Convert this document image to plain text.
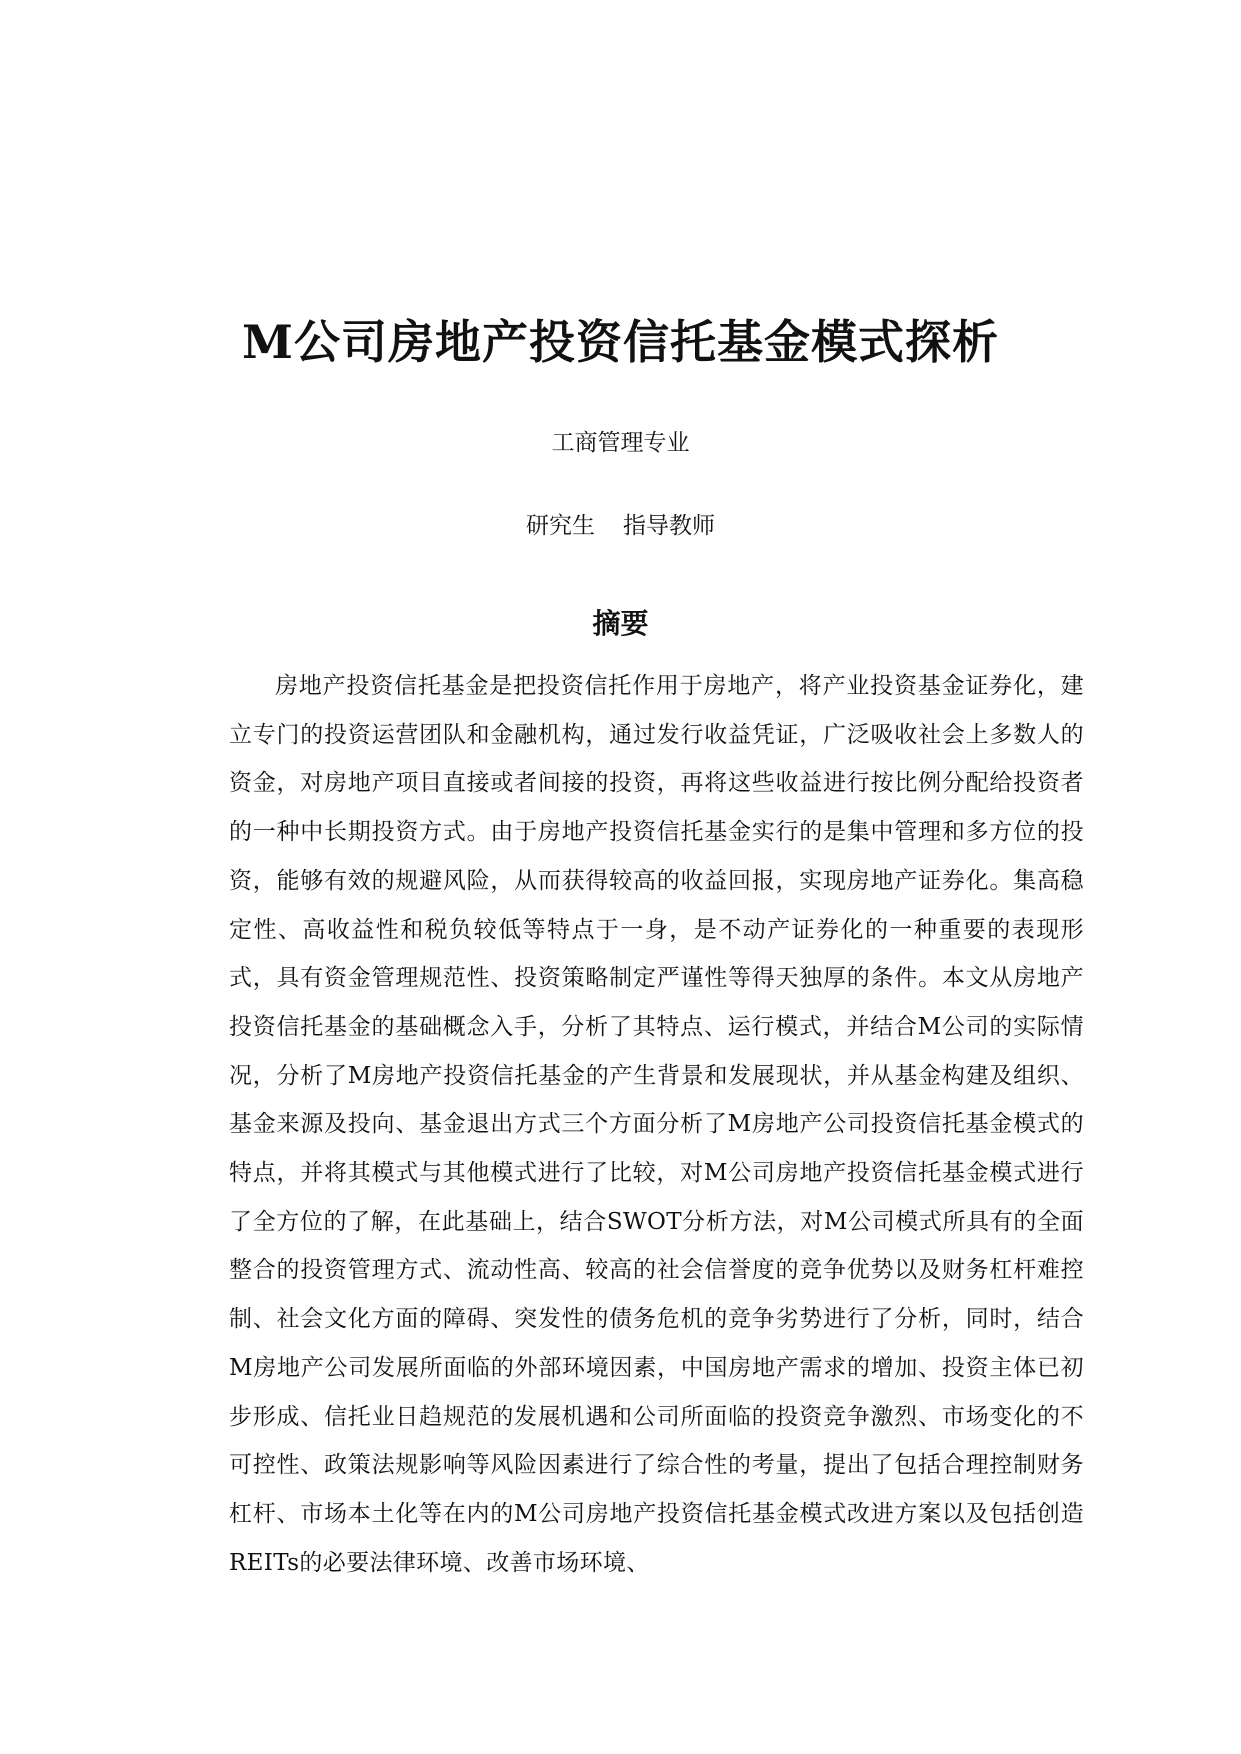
M公司房地产投资信托基金模式探析
工商管理专业
研究生 指导教师
摘要

房地产投资信托基金是把投资信托作用于房地产，将产业投资基金证券化，建立专门的投资运营团队和金融机构，通过发行收益凭证，广泛吸收社会上多数人的资金，对房地产项目直接或者间接的投资，再将这些收益进行按比例分配给投资者的一种中长期投资方式。由于房地产投资信托基金实行的是集中管理和多方位的投资，能够有效的规避风险，从而获得较高的收益回报，实现房地产证券化。集高稳定性、高收益性和税负较低等特点于一身，是不动产证券化的一种重要的表现形式，具有资金管理规范性、投资策略制定严谨性等得天独厚的条件。本文从房地产投资信托基金的基础概念入手，分析了其特点、运行模式，并结合M公司的实际情况，分析了M房地产投资信托基金的产生背景和发展现状，并从基金构建及组织、基金来源及投向、基金退出方式三个方面分析了M房地产公司投资信托基金模式的特点，并将其模式与其他模式进行了比较，对M公司房地产投资信托基金模式进行了全方位的了解，在此基础上，结合SWOT分析方法，对M公司模式所具有的全面整合的投资管理方式、流动性高、较高的社会信誉度的竞争优势以及财务杠杆难控制、社会文化方面的障碍、突发性的债务危机的竞争劣势进行了分析，同时，结合M房地产公司发展所面临的外部环境因素，中国房地产需求的增加、投资主体已初步形成、信托业日趋规范的发展机遇和公司所面临的投资竞争激烈、市场变化的不可控性、政策法规影响等风险因素进行了综合性的考量，提出了包括合理控制财务杠杆、市场本土化等在内的M公司房地产投资信托基金模式改进方案以及包括创造REITs的必要法律环境、改善市场环境、
